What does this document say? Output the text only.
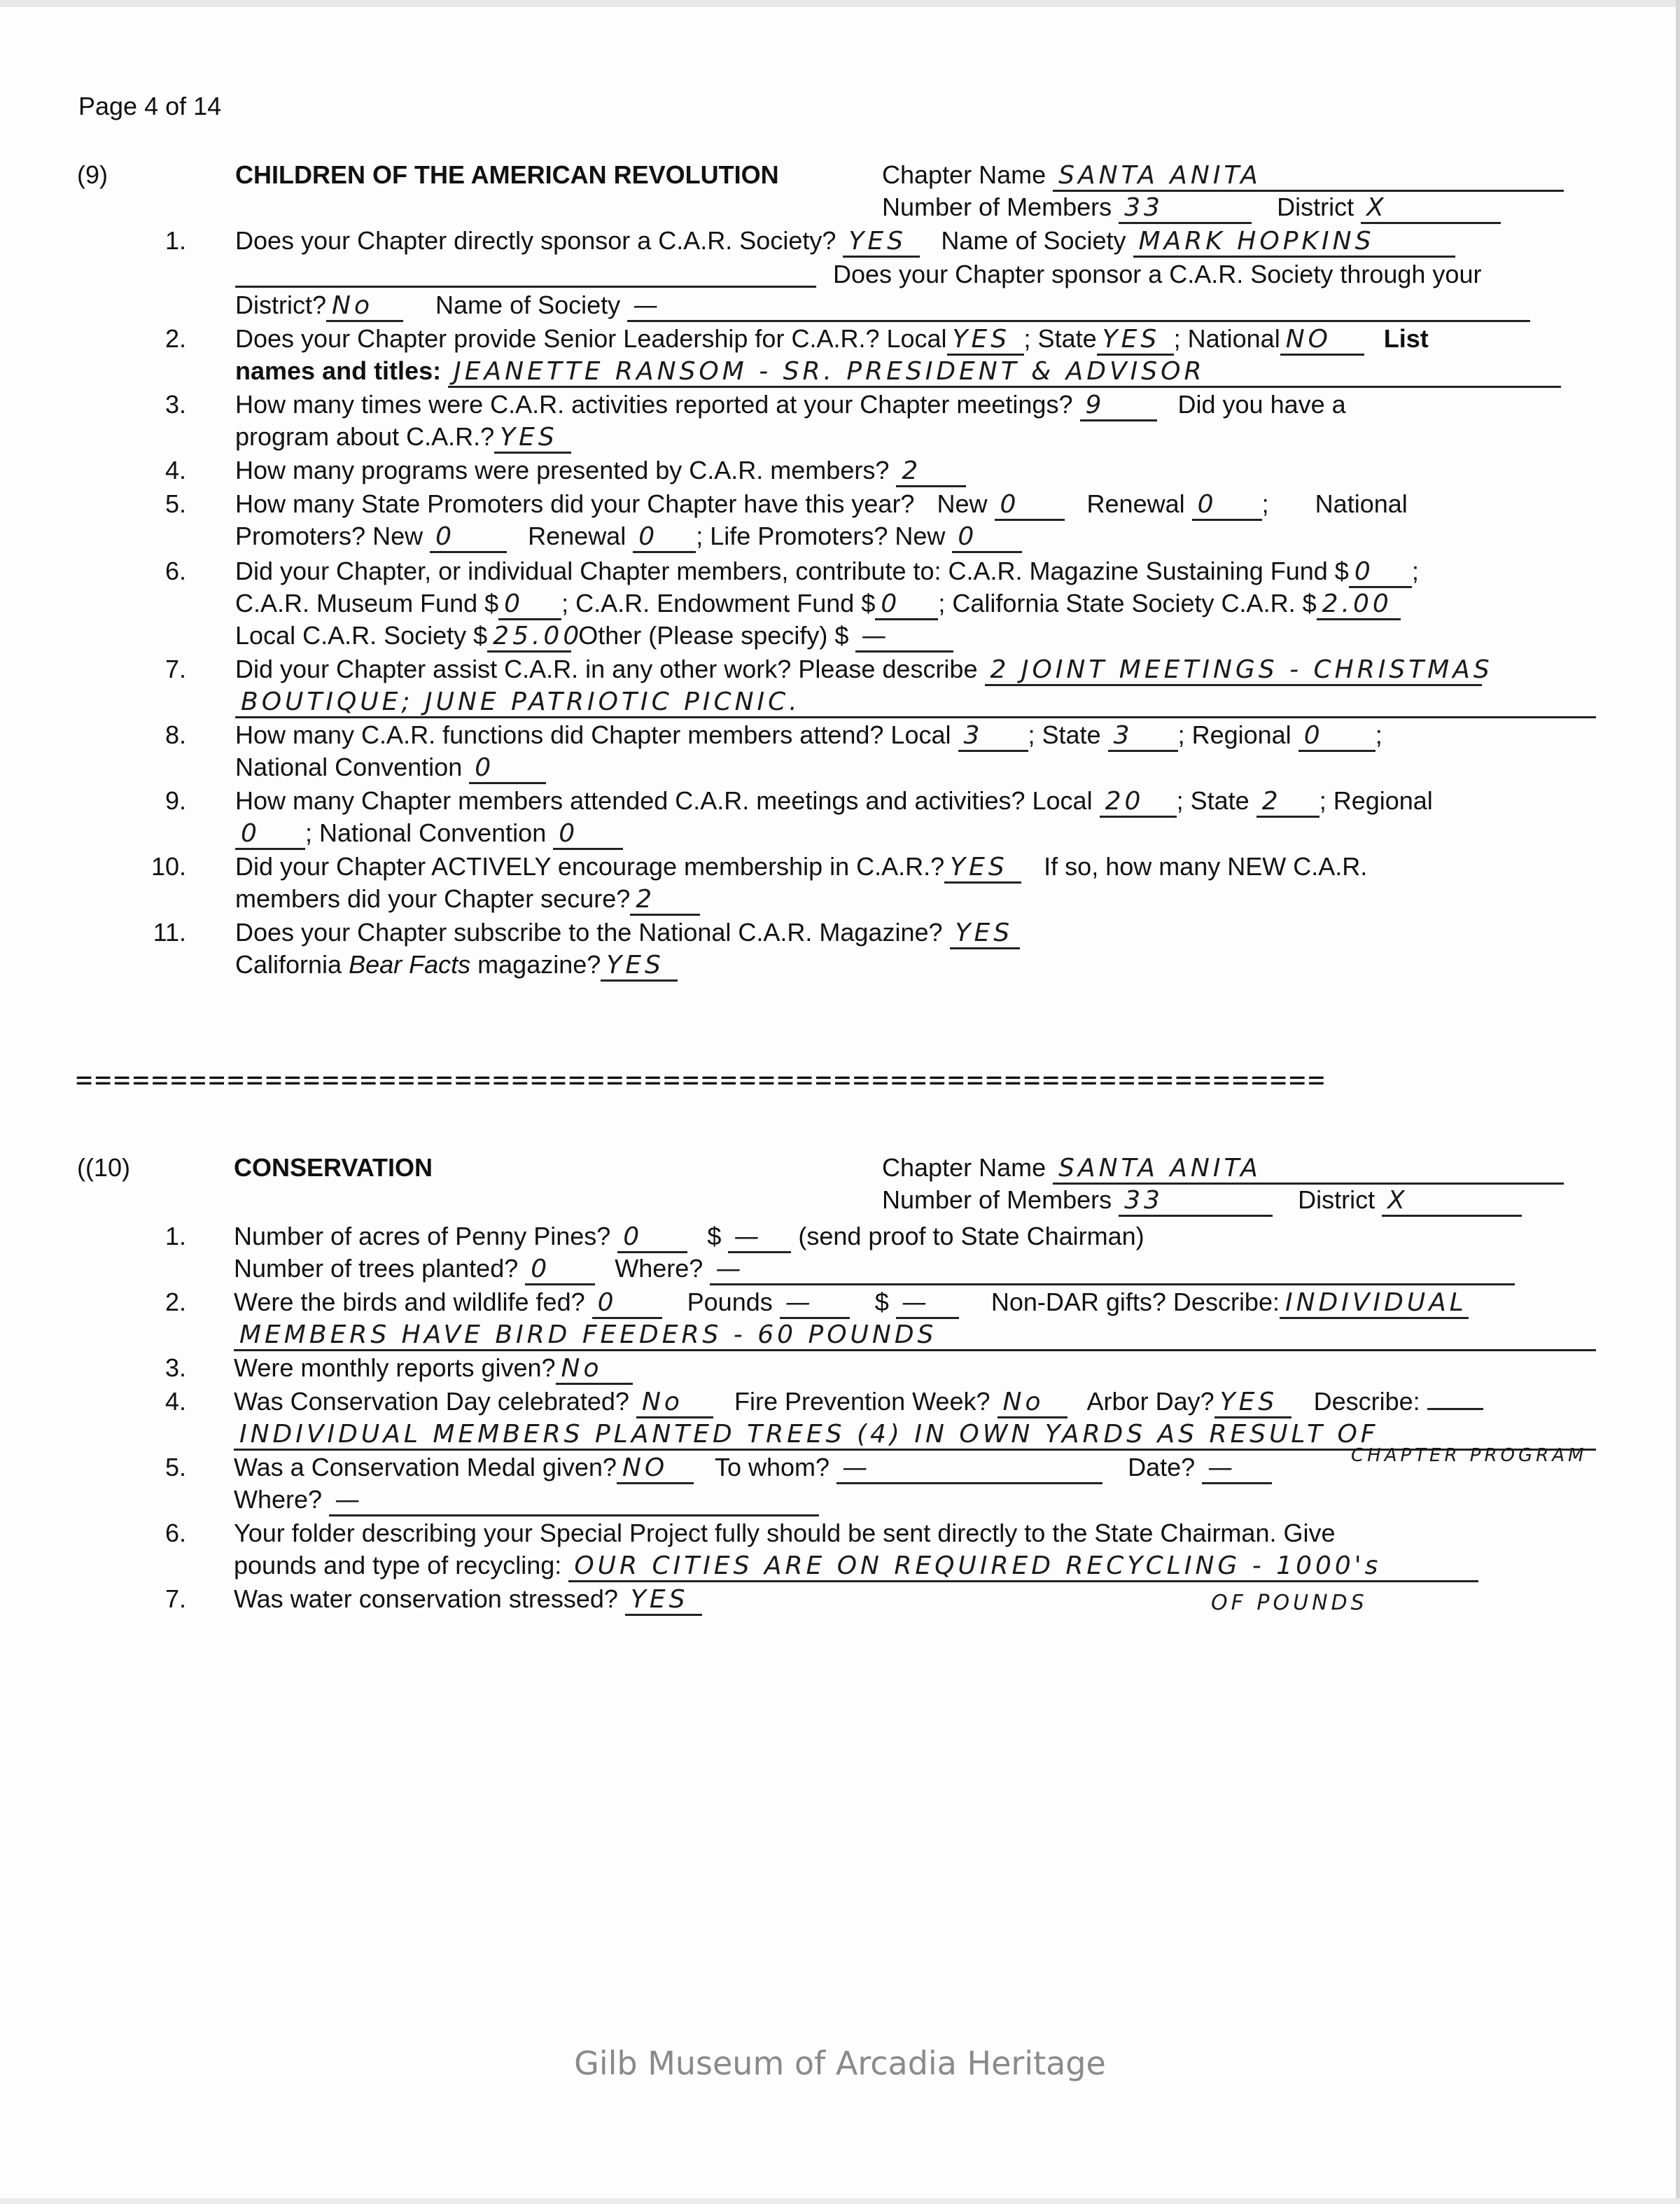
Page 4 of 14
(9)	CHILDREN OF THE AMERICAN REVOLUTION	Chapter Name SANTA ANITA
Number of Members 33	District X
1. Does your Chapter directly sponsor a C.A.R. Society? YES Name of Society MARK HOPKINS
Does your Chapter sponsor a C.A.R. Society through your
District? No Name of Society —
2. Does your Chapter provide Senior Leadership for C.A.R.? Local YES ; State YES ; National NO List
names and titles: JEANETTE RANSOM - SR. PRESIDENT & ADVISOR
3. How many times were C.A.R. activities reported at your Chapter meetings? 9	Did you have a
program about C.A.R.? YES
4. How many programs were presented by C.A.R. members? 2
5. How many State Promoters did your Chapter have this year? New 0	Renewal 0 ; National
Promoters? New 0	Renewal 0 ; Life Promoters? New 0
6. Did your Chapter, or individual Chapter members, contribute to: C.A.R. Magazine Sustaining Fund $ 0 ;
C.A.R. Museum Fund $ 0 ; C.A.R. Endowment Fund $ 0 ; California State Society C.A.R. $ 2.00
Local C.A.R. Society $ 25.00 Other (Please specify) $ —
7. Did your Chapter assist C.A.R. in any other work? Please describe 2 JOINT MEETINGS - CHRISTMAS
BOUTIQUE; JUNE PATRIOTIC PICNIC.
8. How many C.A.R. functions did Chapter members attend? Local 3 ; State 3 ; Regional 0 ;
National Convention 0
9. How many Chapter members attended C.A.R. meetings and activities? Local 20 ; State 2 ; Regional
0 ; National Convention 0
10. Did your Chapter ACTIVELY encourage membership in C.A.R.? YES If so, how many NEW C.A.R.
members did your Chapter secure? 2
11. Does your Chapter subscribe to the National C.A.R. Magazine? YES
California Bear Facts magazine? YES
==================================================================
((10)	CONSERVATION	Chapter Name SANTA ANITA
Number of Members 33	District X
1. Number of acres of Penny Pines? 0	$ — (send proof to State Chairman)
Number of trees planted? 0	Where? —
2. Were the birds and wildlife fed? 0	Pounds — $ — Non-DAR gifts? Describe: INDIVIDUAL
MEMBERS HAVE BIRD FEEDERS - 60 POUNDS
3. Were monthly reports given? No
4. Was Conservation Day celebrated? No Fire Prevention Week? No Arbor Day? YES Describe:
INDIVIDUAL MEMBERS PLANTED TREES (4) IN OWN YARDS AS RESULT OF
CHAPTER PROGRAM
5. Was a Conservation Medal given? NO To whom? —	Date? —
Where? —
6. Your folder describing your Special Project fully should be sent directly to the State Chairman. Give
pounds and type of recycling: OUR CITIES ARE ON REQUIRED RECYCLING - 1000's
OF POUNDS
7. Was water conservation stressed? YES
Gilb Museum of Arcadia Heritage
